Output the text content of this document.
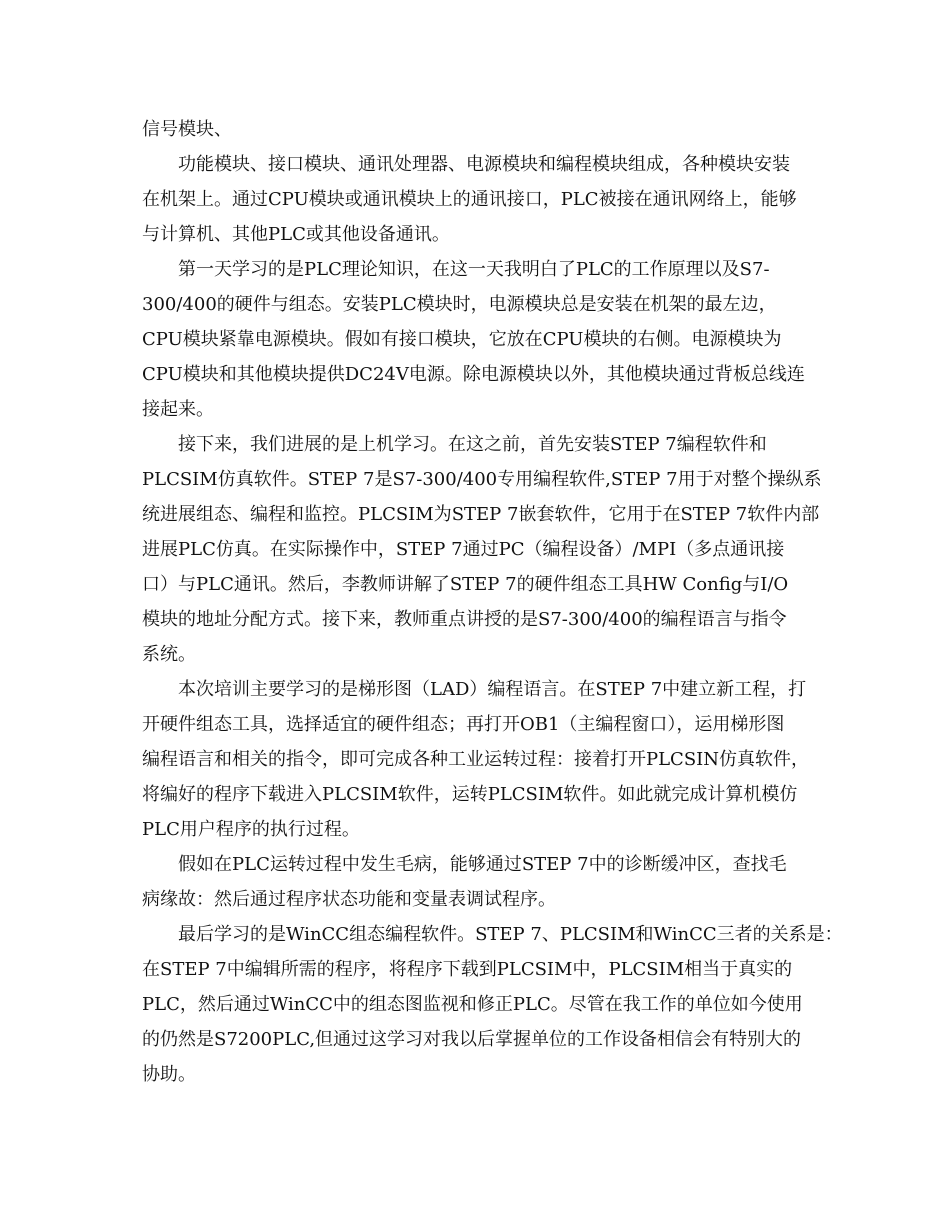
信号模块、
功能模块、接口模块、通讯处理器、电源模块和编程模块组成，各种模块安装
在机架上。通过CPU模块或通讯模块上的通讯接口，PLC被接在通讯网络上，能够
与计算机、其他PLC或其他设备通讯。
第一天学习的是PLC理论知识，在这一天我明白了PLC的工作原理以及S7-
300/400的硬件与组态。安装PLC模块时，电源模块总是安装在机架的最左边，
CPU模块紧靠电源模块。假如有接口模块，它放在CPU模块的右侧。电源模块为
CPU模块和其他模块提供DC24V电源。除电源模块以外，其他模块通过背板总线连
接起来。
接下来，我们进展的是上机学习。在这之前，首先安装STEP 7编程软件和
PLCSIM仿真软件。STEP 7是S7-300/400专用编程软件,STEP 7用于对整个操纵系
统进展组态、编程和监控。PLCSIM为STEP 7嵌套软件，它用于在STEP 7软件内部
进展PLC仿真。在实际操作中，STEP 7通过PC（编程设备）/MPI（多点通讯接
口）与PLC通讯。然后，李教师讲解了STEP 7的硬件组态工具HW Config与I/O
模块的地址分配方式。接下来，教师重点讲授的是S7-300/400的编程语言与指令
系统。
本次培训主要学习的是梯形图（LAD）编程语言。在STEP 7中建立新工程，打
开硬件组态工具，选择适宜的硬件组态；再打开OB1（主编程窗口），运用梯形图
编程语言和相关的指令，即可完成各种工业运转过程：接着打开PLCSIN仿真软件，
将编好的程序下载进入PLCSIM软件，运转PLCSIM软件。如此就完成计算机模仿
PLC用户程序的执行过程。
假如在PLC运转过程中发生毛病，能够通过STEP 7中的诊断缓冲区，查找毛
病缘故：然后通过程序状态功能和变量表调试程序。
最后学习的是WinCC组态编程软件。STEP 7、PLCSIM和WinCC三者的关系是：
在STEP 7中编辑所需的程序，将程序下载到PLCSIM中，PLCSIM相当于真实的
PLC，然后通过WinCC中的组态图监视和修正PLC。尽管在我工作的单位如今使用
的仍然是S7200PLC,但通过这学习对我以后掌握单位的工作设备相信会有特别大的
协助。
